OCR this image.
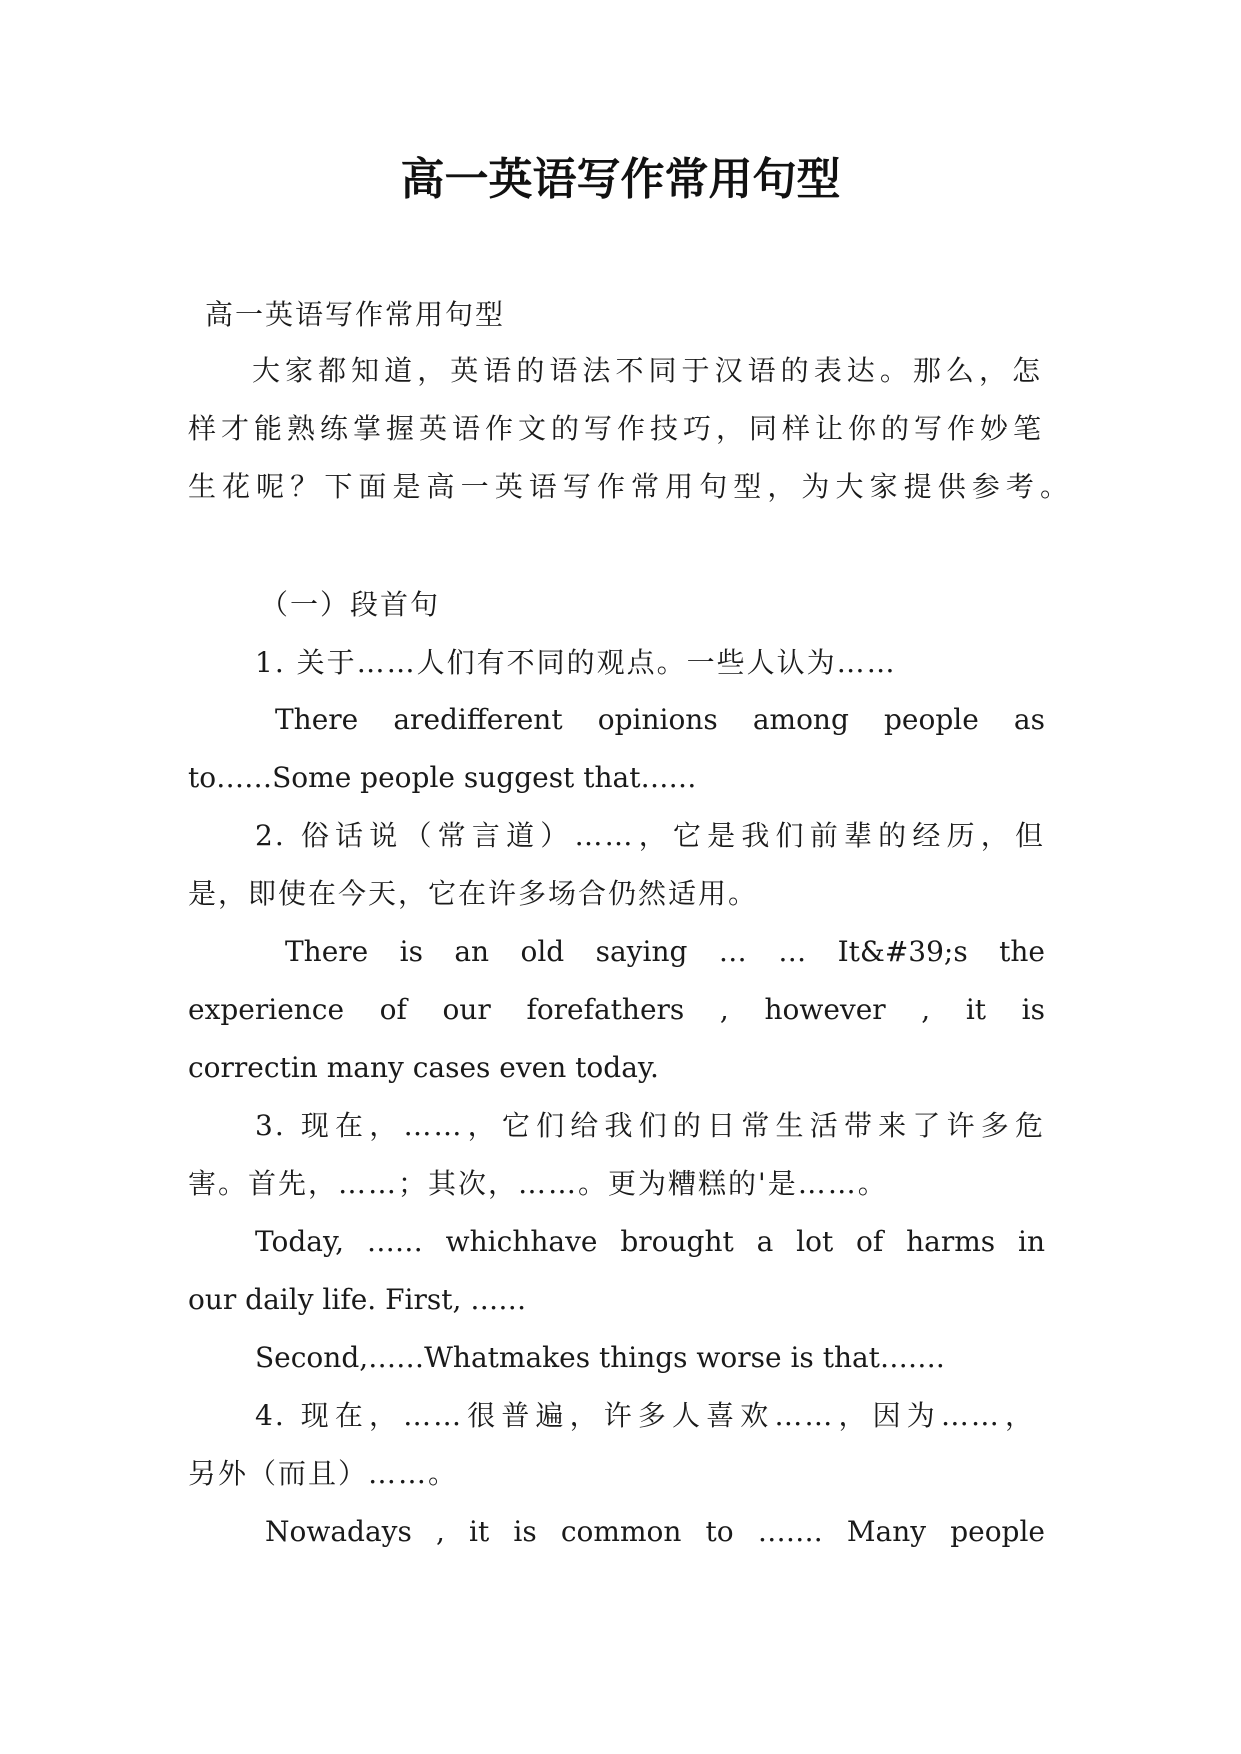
高一英语写作常用句型
高一英语写作常用句型
大家都知道，英语的语法不同于汉语的表达。那么，怎
样才能熟练掌握英语作文的写作技巧，同样让你的写作妙笔
生花呢？下面是高一英语写作常用句型，为大家提供参考。
（一）段首句
1. 关于……人们有不同的观点。一些人认为……
There aredifferent opinions among people as
to……Some people suggest that……
2. 俗话说（常言道）……，它是我们前辈的经历，但
是，即使在今天，它在许多场合仍然适用。
There is an old saying … … It&#39;s the
experience of our forefathers , however , it is
correctin many cases even today.
3. 现在，……，它们给我们的日常生活带来了许多危
害。首先，……；其次，……。更为糟糕的'是……。
Today, …… whichhave brought a lot of harms in
our daily life. First, ……
Second,……Whatmakes things worse is that…….
4. 现在，……很普遍，许多人喜欢……，因为……，
另外（而且）……。
Nowadays , it is common to ……. Many people
